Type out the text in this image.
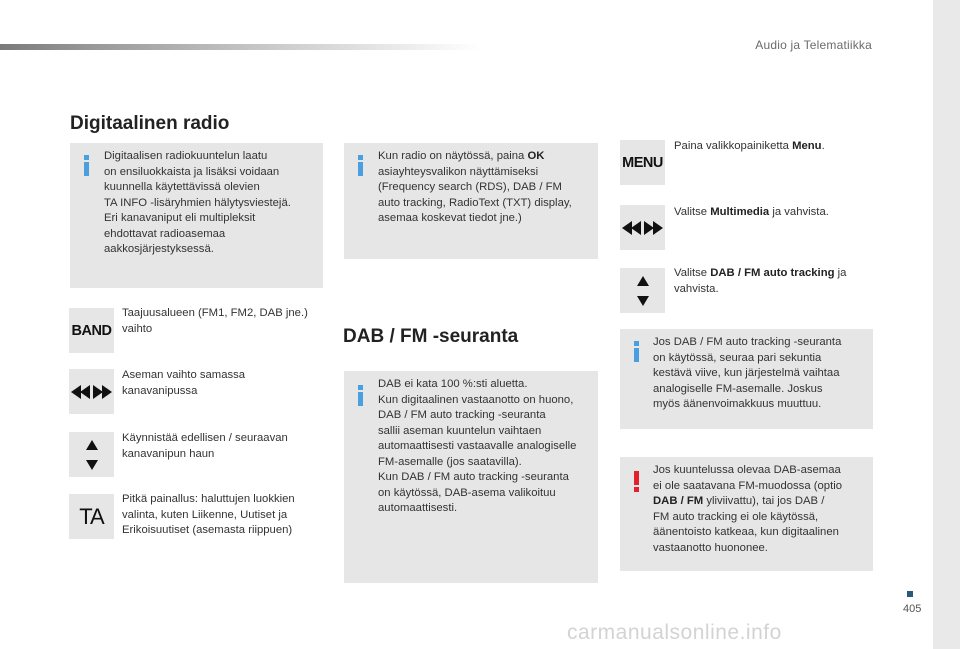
Audio ja Telematiikka
Digitaalinen radio
Digitaalisen radiokuuntelun laatu
on ensiluokkaista ja lisäksi voidaan
kuunnella käytettävissä olevien
TA INFO -lisäryhmien hälytysviestejä.
Eri kanavaniput eli multipleksit
ehdottavat radioasemaa
aakkosjärjestyksessä.
Kun radio on näytössä, paina OK
asiayhteysvalikon näyttämiseksi
(Frequency search (RDS), DAB / FM
auto tracking, RadioText (TXT) display,
asemaa koskevat tiedot jne.)
BAND
Taajuusalueen (FM1, FM2, DAB jne.)
vaihto
Aseman vaihto samassa
kanavanipussa
Käynnistää edellisen / seuraavan
kanavanipun haun
TA
Pitkä painallus: haluttujen luokkien
valinta, kuten Liikenne, Uutiset ja
Erikoisuutiset (asemasta riippuen)
DAB / FM -seuranta
DAB ei kata 100 %:sti aluetta.
Kun digitaalinen vastaanotto on huono,
DAB / FM auto tracking -seuranta
sallii aseman kuuntelun vaihtaen
automaattisesti vastaavalle analogiselle
FM-asemalle (jos saatavilla).
Kun DAB / FM auto tracking -seuranta
on käytössä, DAB-asema valikoituu
automaattisesti.
MENU
Paina valikkopainiketta Menu.
Valitse Multimedia ja vahvista.
Valitse DAB / FM auto tracking ja
vahvista.
Jos DAB / FM auto tracking -seuranta
on käytössä, seuraa pari sekuntia
kestävä viive, kun järjestelmä vaihtaa
analogiselle FM-asemalle. Joskus
myös äänenvoimakkuus muuttuu.
Jos kuuntelussa olevaa DAB-asemaa
ei ole saatavana FM-muodossa (optio
DAB / FM yliviivattu), tai jos DAB /
FM auto tracking ei ole käytössä,
äänentoisto katkeaa, kun digitaalinen
vastaanotto huononee.
405
carmanualsonline.info
